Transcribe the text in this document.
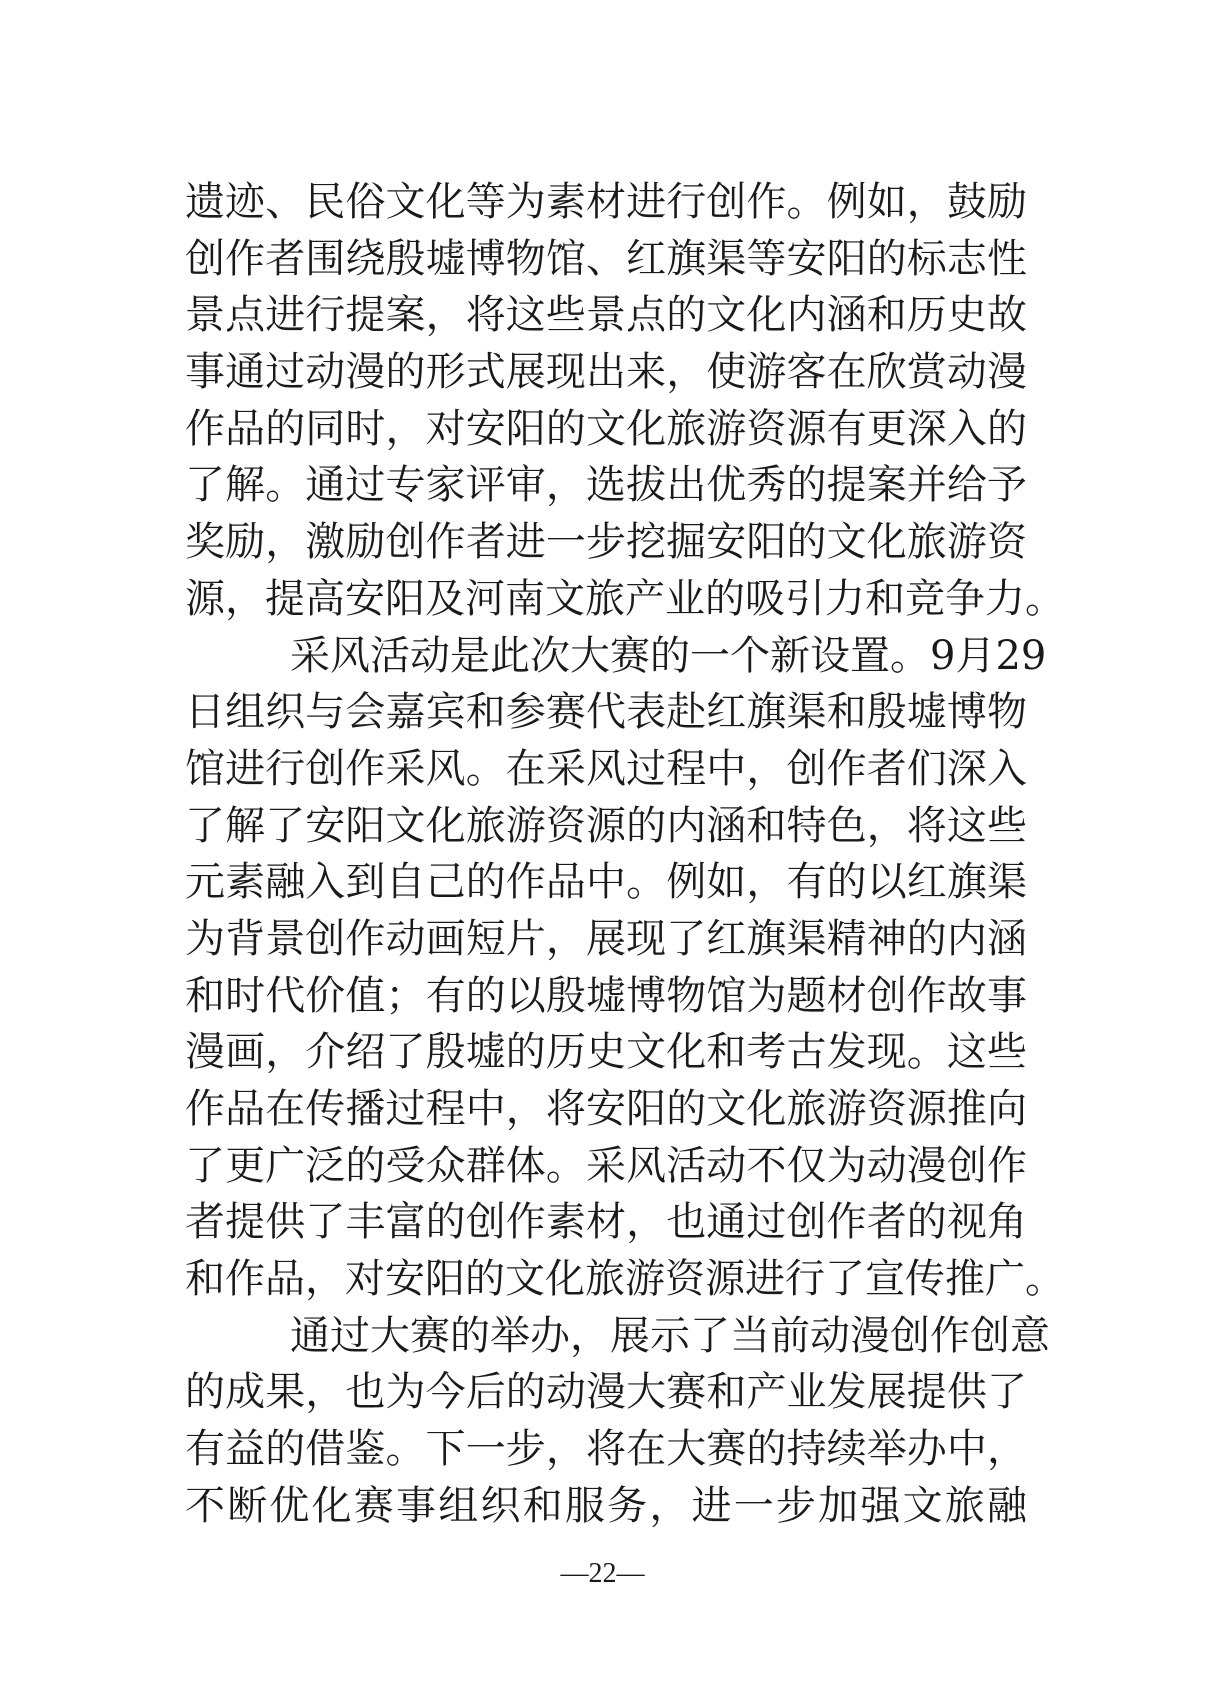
遗迹、民俗文化等为素材进行创作。例如，鼓励
创作者围绕殷墟博物馆、红旗渠等安阳的标志性
景点进行提案，将这些景点的文化内涵和历史故
事通过动漫的形式展现出来，使游客在欣赏动漫
作品的同时，对安阳的文化旅游资源有更深入的
了解。通过专家评审，选拔出优秀的提案并给予
奖励，激励创作者进一步挖掘安阳的文化旅游资
源，提高安阳及河南文旅产业的吸引力和竞争力。
采风活动是此次大赛的一个新设置。9月29
日组织与会嘉宾和参赛代表赴红旗渠和殷墟博物
馆进行创作采风。在采风过程中，创作者们深入
了解了安阳文化旅游资源的内涵和特色，将这些
元素融入到自己的作品中。例如，有的以红旗渠
为背景创作动画短片，展现了红旗渠精神的内涵
和时代价值；有的以殷墟博物馆为题材创作故事
漫画，介绍了殷墟的历史文化和考古发现。这些
作品在传播过程中，将安阳的文化旅游资源推向
了更广泛的受众群体。采风活动不仅为动漫创作
者提供了丰富的创作素材，也通过创作者的视角
和作品，对安阳的文化旅游资源进行了宣传推广。
通过大赛的举办，展示了当前动漫创作创意
的成果，也为今后的动漫大赛和产业发展提供了
有益的借鉴。下一步，将在大赛的持续举办中，
不断优化赛事组织和服务，进一步加强文旅融
—22—
